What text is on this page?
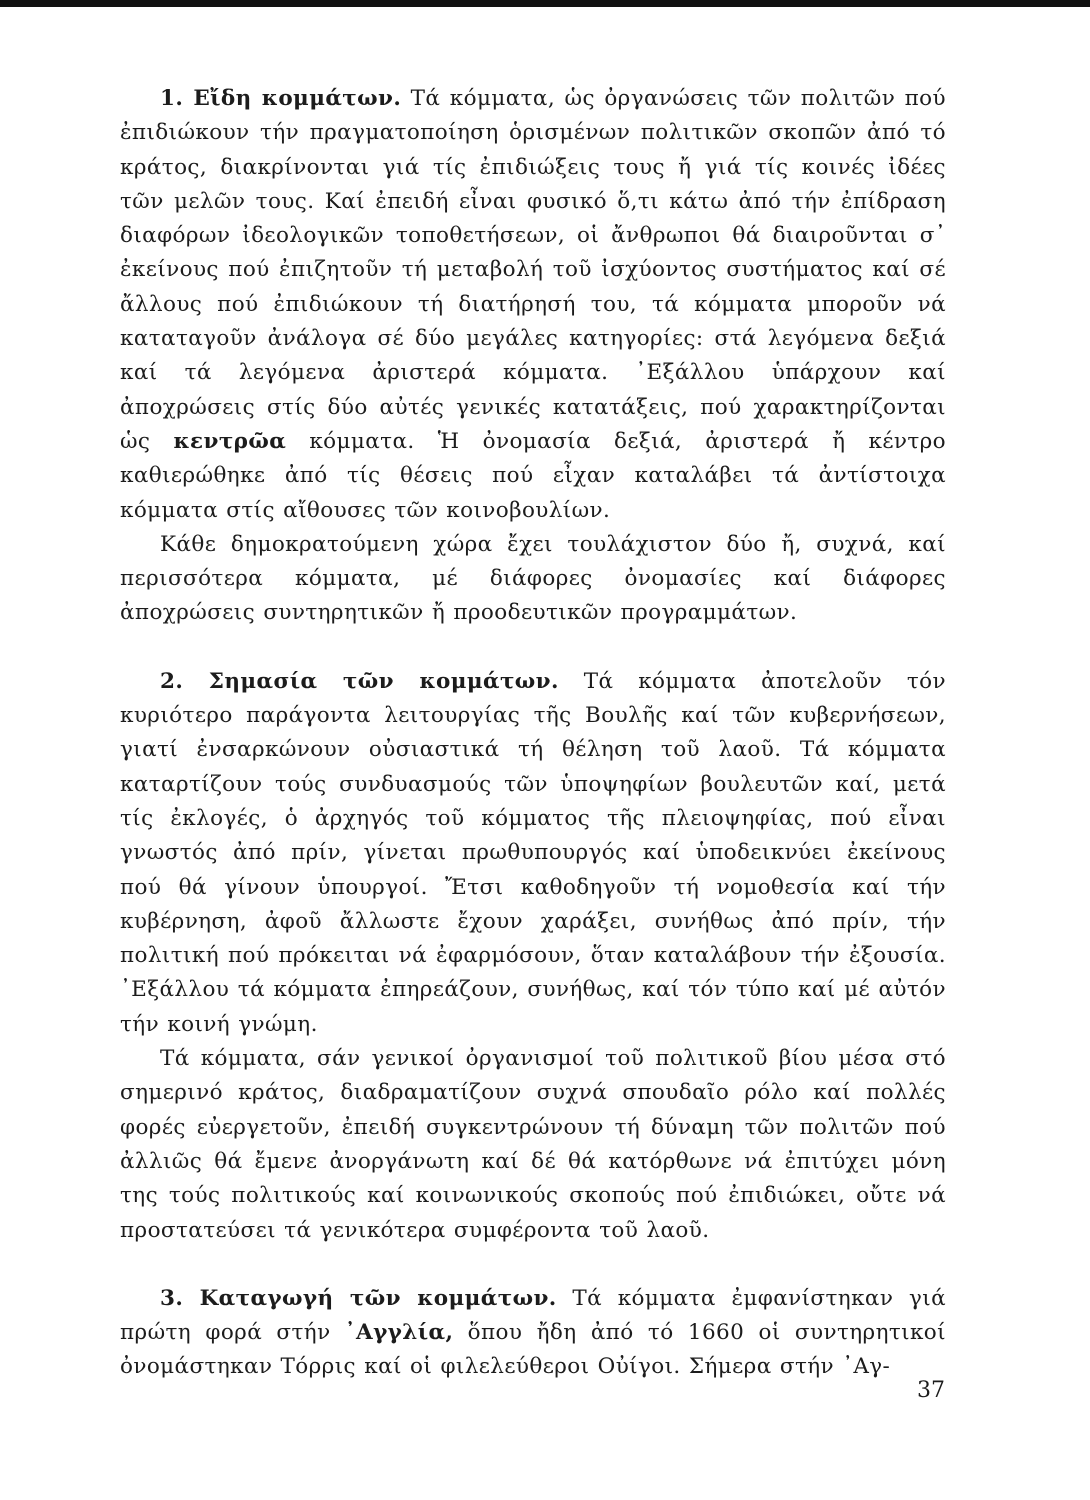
1. Εἴδη κομμάτων. Τά κόμματα, ὡς ὀργανώσεις τῶν πολιτῶν πού ἐπιδιώκουν τήν πραγματοποίηση ὁρισμένων πολιτικῶν σκοπῶν ἀπό τό κράτος, διακρίνονται γιά τίς ἐπιδιώξεις τους ἤ γιά τίς κοινές ἰδέες τῶν μελῶν τους. Καί ἐπειδή εἶναι φυσικό ὅ,τι κάτω ἀπό τήν ἐπίδραση διαφόρων ἰδεολογικῶν τοποθετήσεων, οἱ ἄνθρωποι θά διαιροῦνται σ᾽ ἐκείνους πού ἐπιζητοῦν τή μεταβολή τοῦ ἰσχύοντος συστήματος καί σέ ἄλλους πού ἐπιδιώκουν τή διατήρησή του, τά κόμματα μποροῦν νά καταταγοῦν ἀνάλογα σέ δύο μεγάλες κατηγορίες: στά λεγόμενα δεξιά καί τά λεγόμενα ἀριστερά κόμματα. ᾽Εξάλλου ὑπάρχουν καί ἀποχρώσεις στίς δύο αὐτές γενικές κατατάξεις, πού χαρακτηρίζονται ὡς κεντρῶα κόμματα. Ἡ ὀνομασία δεξιά, ἀριστερά ἤ κέντρο καθιερώθηκε ἀπό τίς θέσεις πού εἶχαν καταλάβει τά ἀντίστοιχα κόμματα στίς αἴθουσες τῶν κοινοβουλίων.

Κάθε δημοκρατούμενη χώρα ἔχει τουλάχιστον δύο ἤ, συχνά, καί περισσότερα κόμματα, μέ διάφορες ὀνομασίες καί διάφορες ἀποχρώσεις συντηρητικῶν ἤ προοδευτικῶν προγραμμάτων.

2. Σημασία τῶν κομμάτων. Τά κόμματα ἀποτελοῦν τόν κυριότερο παράγοντα λειτουργίας τῆς Βουλῆς καί τῶν κυβερνήσεων, γιατί ἐνσαρκώνουν οὐσιαστικά τή θέληση τοῦ λαοῦ. Τά κόμματα καταρτίζουν τούς συνδυασμούς τῶν ὑποψηφίων βουλευτῶν καί, μετά τίς ἐκλογές, ὁ ἀρχηγός τοῦ κόμματος τῆς πλειοψηφίας, πού εἶναι γνωστός ἀπό πρίν, γίνεται πρωθυπουργός καί ὑποδεικνύει ἐκείνους πού θά γίνουν ὑπουργοί. Ἔτσι καθοδηγοῦν τή νομοθεσία καί τήν κυβέρνηση, ἀφοῦ ἄλλωστε ἔχουν χαράξει, συνήθως ἀπό πρίν, τήν πολιτική πού πρόκειται νά ἐφαρμόσουν, ὅταν καταλάβουν τήν ἐξουσία. ᾽Εξάλλου τά κόμματα ἐπηρεάζουν, συνήθως, καί τόν τύπο καί μέ αὐτόν τήν κοινή γνώμη.

Τά κόμματα, σάν γενικοί ὀργανισμοί τοῦ πολιτικοῦ βίου μέσα στό σημερινό κράτος, διαδραματίζουν συχνά σπουδαῖο ρόλο καί πολλές φορές εὐεργετοῦν, ἐπειδή συγκεντρώνουν τή δύναμη τῶν πολιτῶν πού ἀλλιῶς θά ἔμενε ἀνοργάνωτη καί δέ θά κατόρθωνε νά ἐπιτύχει μόνη της τούς πολιτικούς καί κοινωνικούς σκοπούς πού ἐπιδιώκει, οὔτε νά προστατεύσει τά γενικότερα συμφέροντα τοῦ λαοῦ.

3. Καταγωγή τῶν κομμάτων. Τά κόμματα ἐμφανίστηκαν γιά πρώτη φορά στήν ᾽Αγγλία, ὅπου ἤδη ἀπό τό 1660 οἱ συντηρητικοί ὀνομάστηκαν Τόρρις καί οἱ φιλελεύθεροι Οὐίγοι. Σήμερα στήν ᾽Αγ-

37
